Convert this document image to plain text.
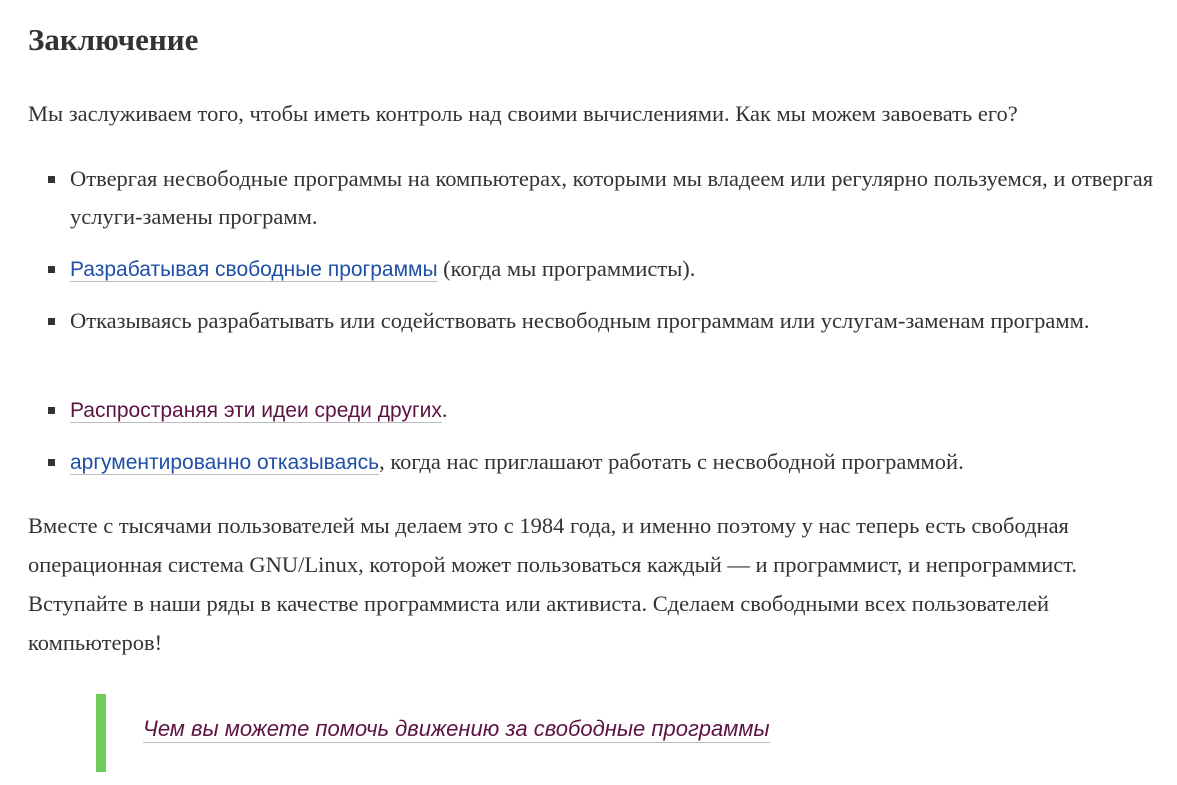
Заключение

Мы заслуживаем того, чтобы иметь контроль над своими вычислениями. Как мы можем завоевать его?

Отвергая несвободные программы на компьютерах, которыми мы владеем или регулярно пользуемся, и отвергая услуги-замены программ.
Разрабатывая свободные программы (когда мы программисты).
Отказываясь разрабатывать или содействовать несвободным программам или услугам-заменам программ.
Распространяя эти идеи среди других.
аргументированно отказываясь, когда нас приглашают работать с несвободной программой.

Вместе с тысячами пользователей мы делаем это с 1984 года, и именно поэтому у нас теперь есть свободная операционная система GNU/Linux, которой может пользоваться каждый — и программист, и непрограммист. Вступайте в наши ряды в качестве программиста или активиста. Сделаем свободными всех пользователей компьютеров!

Чем вы можете помочь движению за свободные программы
